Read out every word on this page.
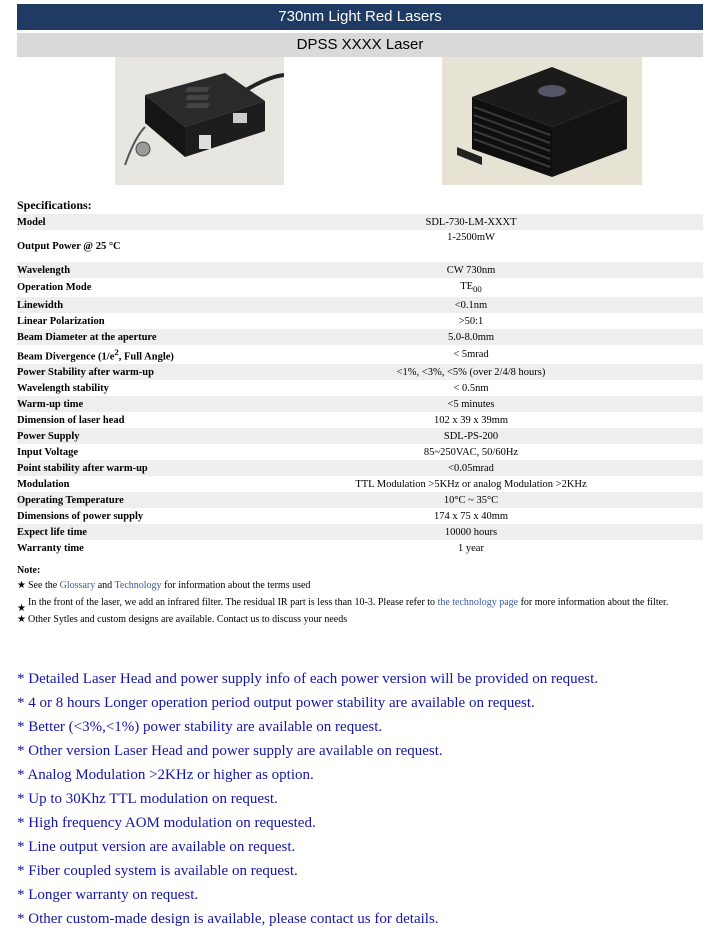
730nm Light Red Lasers
DPSS XXXX Laser
Specifications:
Model	SDL-730-LM-XXXT
Output Power @ 25 °C	1-2500mW
Wavelength	CW 730nm
Operation Mode	$TE_{00}$
Linewidth	<0.1nm
Linear Polarization	>50:1
Beam Diameter at the aperture	5.0-8.0mm
Beam Divergence ($1/e^2$, Full Angle)	< 5mrad
Power Stability after warm-up	<1%, <3%, <5% (over 2/4/8 hours)
Wavelength stability	< 0.5nm
Warm-up time	<5 minutes
Dimension of laser head	102 x 39 x 39mm
Power Supply	SDL-PS-200
Input Voltage	85~250VAC, 50/60Hz
Point stability after warm-up	<0.05mrad
Modulation	TTL Modulation >5KHz or analog Modulation >2KHz
Operating Temperature	10°C ~ 35°C
Dimensions of power supply	174 x 75 x 40mm
Expect life time	10000 hours
Warranty time	1 year
Note:
★ See the Glossary and Technology for information about the terms used
★
In the front of the laser, we add an infrared filter. The residual IR part is less than 10-3. Please refer to the technology page for more information about the filter.
★ Other Sytles and custom designs are available. Contact us to discuss your needs
* Detailed Laser Head and power supply info of each power version will be provided on request.
* 4 or 8 hours Longer operation period output power stability are available on request.
* Better (<3%,<1%) power stability are available on request.
* Other version Laser Head and power supply are available on request.
* Analog Modulation >2KHz or higher as option.
* Up to 30Khz TTL modulation on request.
* High frequency AOM modulation on requested.
* Line output version are available on request.
* Fiber coupled system is available on request.
* Longer warranty on request.
* Other custom-made design is available, please contact us for details.
